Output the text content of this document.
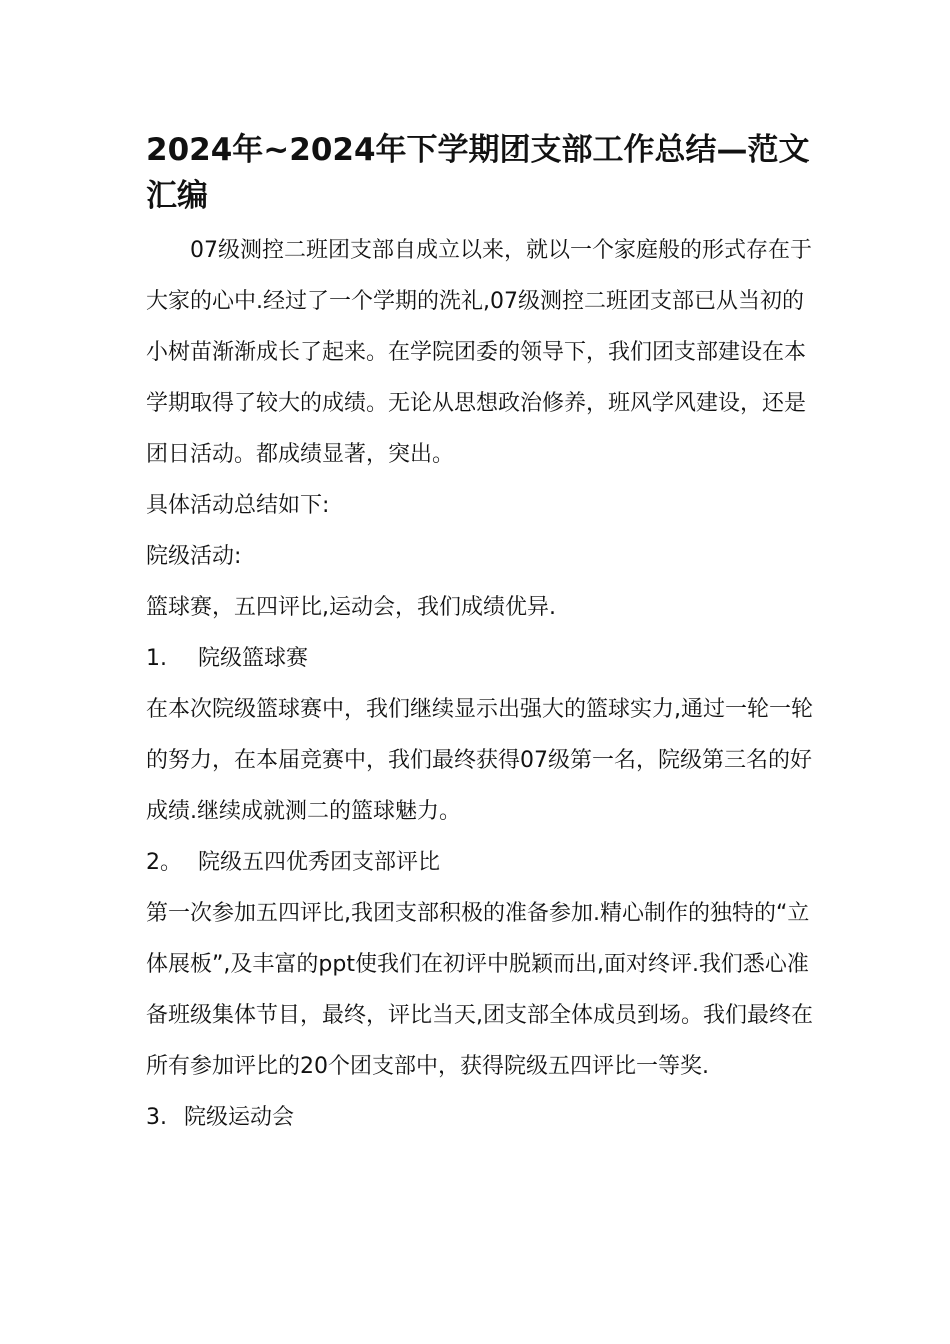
2024年~2024年下学期团支部工作总结—范文汇编

07级测控二班团支部自成立以来，就以一个家庭般的形式存在于大家的心中.经过了一个学期的洗礼,07级测控二班团支部已从当初的小树苗渐渐成长了起来。在学院团委的领导下，我们团支部建设在本学期取得了较大的成绩。无论从思想政治修养，班风学风建设，还是团日活动。都成绩显著，突出。

具体活动总结如下:

院级活动:

篮球赛，五四评比,运动会，我们成绩优异.

1. 院级篮球赛

在本次院级篮球赛中，我们继续显示出强大的篮球实力,通过一轮一轮的努力，在本届竞赛中，我们最终获得07级第一名，院级第三名的好成绩.继续成就测二的篮球魅力。

2。 院级五四优秀团支部评比

第一次参加五四评比,我团支部积极的准备参加.精心制作的独特的“立体展板”,及丰富的ppt使我们在初评中脱颖而出,面对终评.我们悉心准备班级集体节目，最终，评比当天,团支部全体成员到场。我们最终在所有参加评比的20个团支部中，获得院级五四评比一等奖.

3. 院级运动会
